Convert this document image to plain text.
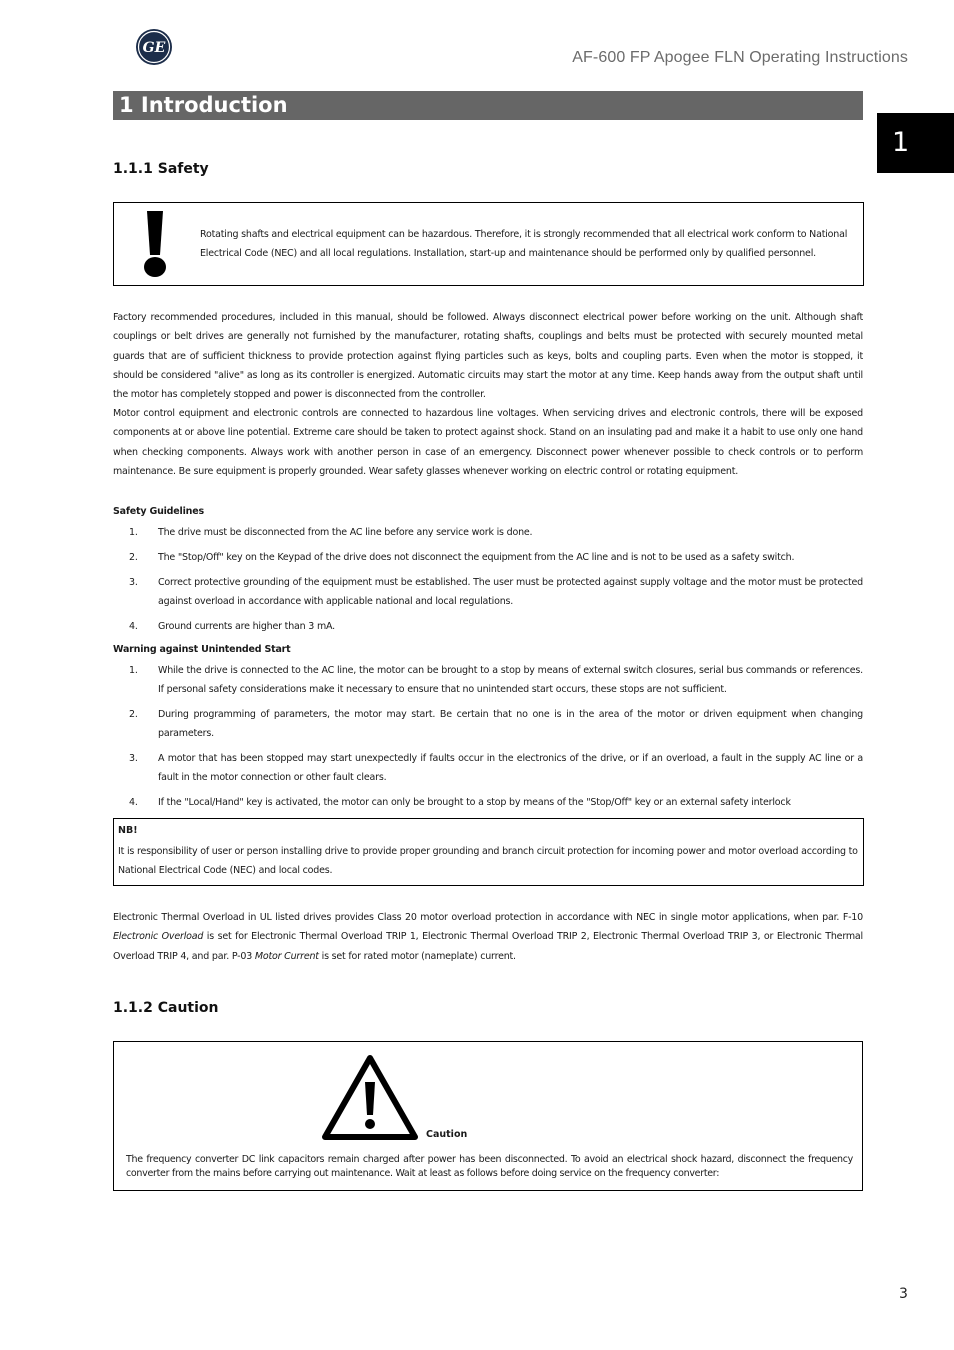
GE
AF-600 FP Apogee FLN Operating Instructions
1 Introduction
1
1.1.1 Safety
Rotating shafts and electrical equipment can be hazardous. Therefore, it is strongly recommended that all electrical work conform to National Electrical Code (NEC) and all local regulations. Installation, start-up and maintenance should be performed only by qualified personnel.
Factory recommended procedures, included in this manual, should be followed. Always disconnect electrical power before working on the unit. Although shaft couplings or belt drives are generally not furnished by the manufacturer, rotating shafts, couplings and belts must be protected with securely mounted metal guards that are of sufficient thickness to provide protection against flying particles such as keys, bolts and coupling parts. Even when the motor is stopped, it should be considered "alive" as long as its controller is energized. Automatic circuits may start the motor at any time. Keep hands away from the output shaft until the motor has completely stopped and power is disconnected from the controller.
Motor control equipment and electronic controls are connected to hazardous line voltages. When servicing drives and electronic controls, there will be exposed components at or above line potential. Extreme care should be taken to protect against shock. Stand on an insulating pad and make it a habit to use only one hand when checking components. Always work with another person in case of an emergency. Disconnect power whenever possible to check controls or to perform maintenance. Be sure equipment is properly grounded. Wear safety glasses whenever working on electric control or rotating equipment.
Safety Guidelines
1. The drive must be disconnected from the AC line before any service work is done.
2. The "Stop/Off" key on the Keypad of the drive does not disconnect the equipment from the AC line and is not to be used as a safety switch.
3. Correct protective grounding of the equipment must be established. The user must be protected against supply voltage and the motor must be protected against overload in accordance with applicable national and local regulations.
4. Ground currents are higher than 3 mA.
Warning against Unintended Start
1. While the drive is connected to the AC line, the motor can be brought to a stop by means of external switch closures, serial bus commands or references. If personal safety considerations make it necessary to ensure that no unintended start occurs, these stops are not sufficient.
2. During programming of parameters, the motor may start. Be certain that no one is in the area of the motor or driven equipment when changing parameters.
3. A motor that has been stopped may start unexpectedly if faults occur in the electronics of the drive, or if an overload, a fault in the supply AC line or a fault in the motor connection or other fault clears.
4. If the "Local/Hand" key is activated, the motor can only be brought to a stop by means of the "Stop/Off" key or an external safety interlock
NB!
It is responsibility of user or person installing drive to provide proper grounding and branch circuit protection for incoming power and motor overload according to National Electrical Code (NEC) and local codes.
Electronic Thermal Overload in UL listed drives provides Class 20 motor overload protection in accordance with NEC in single motor applications, when par. F-10 Electronic Overload is set for Electronic Thermal Overload TRIP 1, Electronic Thermal Overload TRIP 2, Electronic Thermal Overload TRIP 3, or Electronic Thermal Overload TRIP 4, and par. P-03 Motor Current is set for rated motor (nameplate) current.
1.1.2 Caution
Caution
The frequency converter DC link capacitors remain charged after power has been disconnected. To avoid an electrical shock hazard, disconnect the frequency converter from the mains before carrying out maintenance. Wait at least as follows before doing service on the frequency converter:
3
